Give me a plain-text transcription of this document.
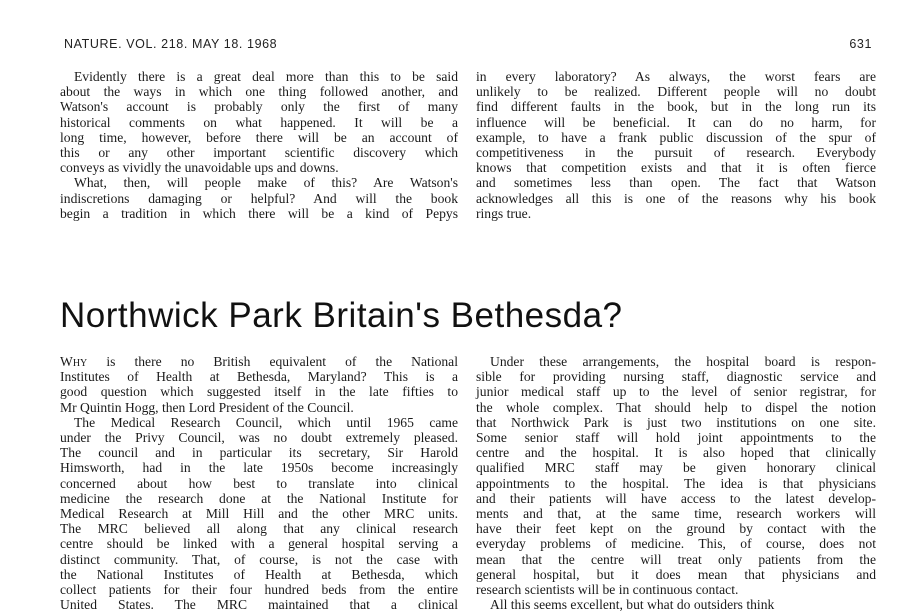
NATURE. VOL. 218. MAY 18. 1968	631
Evidently there is a great deal more than this to be said
about the ways in which one thing followed another, and
Watson's account is probably only the first of many
historical comments on what happened. It will be a
long time, however, before there will be an account of
this or any other important scientific discovery which
conveys as vividly the unavoidable ups and downs.
What, then, will people make of this? Are Watson's
indiscretions damaging or helpful? And will the book
begin a tradition in which there will be a kind of Pepys
in every laboratory? As always, the worst fears are
unlikely to be realized. Different people will no doubt
find different faults in the book, but in the long run its
influence will be beneficial. It can do no harm, for
example, to have a frank public discussion of the spur of
competitiveness in the pursuit of research. Everybody
knows that competition exists and that it is often fierce
and sometimes less than open. The fact that Watson
acknowledges all this is one of the reasons why his book
rings true.
Northwick Park Britain's Bethesda?
Why is there no British equivalent of the National
Institutes of Health at Bethesda, Maryland? This is a
good question which suggested itself in the late fifties to
Mr Quintin Hogg, then Lord President of the Council.
The Medical Research Council, which until 1965 came
under the Privy Council, was no doubt extremely pleased.
The council and in particular its secretary, Sir Harold
Himsworth, had in the late 1950s become increasingly
concerned about how best to translate into clinical
medicine the research done at the National Institute for
Medical Research at Mill Hill and the other MRC units.
The MRC believed all along that any clinical research
centre should be linked with a general hospital serving a
distinct community. That, of course, is not the case with
the National Institutes of Health at Bethesda, which
collect patients for their four hundred beds from the entire
United States. The MRC maintained that a clinical
Under these arrangements, the hospital board is respon-
sible for providing nursing staff, diagnostic service and
junior medical staff up to the level of senior registrar, for
the whole complex. That should help to dispel the notion
that Northwick Park is just two institutions on one site.
Some senior staff will hold joint appointments to the
centre and the hospital. It is also hoped that clinically
qualified MRC staff may be given honorary clinical
appointments to the hospital. The idea is that physicians
and their patients will have access to the latest develop-
ments and that, at the same time, research workers will
have their feet kept on the ground by contact with the
everyday problems of medicine. This, of course, does not
mean that the centre will treat only patients from the
general hospital, but it does mean that physicians and
research scientists will be in continuous contact.
All this seems excellent, but what do outsiders think
